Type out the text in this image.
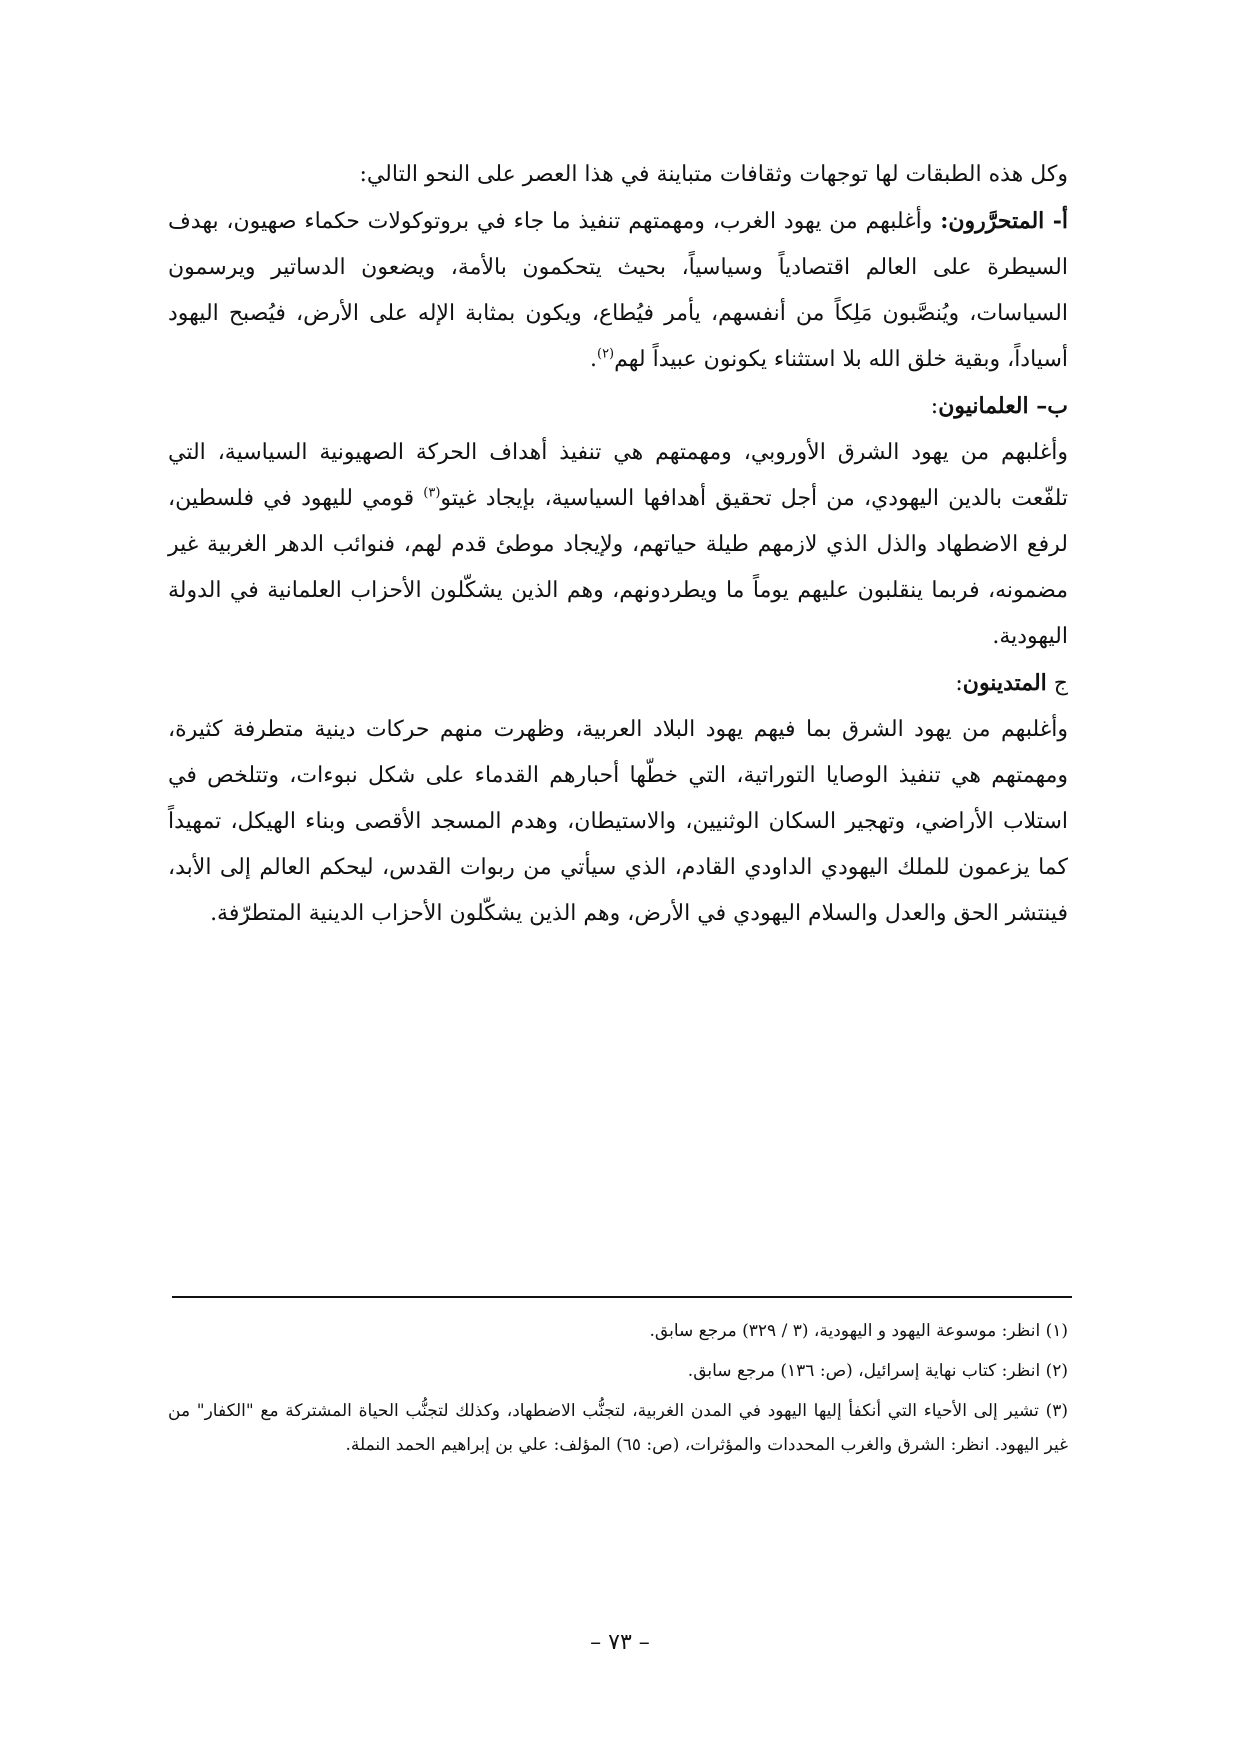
وكل هذه الطبقات لها توجهات وثقافات متباينة في هذا العصر على النحو التالي:

أ- المتحرَّرون: وأغلبهم من يهود الغرب، ومهمتهم تنفيذ ما جاء في بروتوكولات حكماء صهيون، بهدف السيطرة على العالم اقتصادياً وسياسياً، بحيث يتحكمون بالأمة، ويضعون الدساتير ويرسمون السياسات، ويُنصَّبون مَلِكاً من أنفسهم، يأمر فيُطاع، ويكون بمثابة الإله على الأرض، فيُصبح اليهود أسياداً، وبقية خلق الله بلا استثناء يكونون عبيداً لهم$^{(٢)}$.

ب– العلمانيون:

وأغلبهم من يهود الشرق الأوروبي، ومهمتهم هي تنفيذ أهداف الحركة الصهيونية السياسية، التي تلفّعت بالدين اليهودي، من أجل تحقيق أهدافها السياسية، بإيجاد غيتو$^{(٣)}$ قومي لليهود في فلسطين، لرفع الاضطهاد والذل الذي لازمهم طيلة حياتهم، ولإيجاد موطئ قدم لهم، فنوائب الدهر الغربية غير مضمونه، فربما ينقلبون عليهم يوماً ما ويطردونهم، وهم الذين يشكّلون الأحزاب العلمانية في الدولة اليهودية.

ج المتدينون:

وأغلبهم من يهود الشرق بما فيهم يهود البلاد العربية، وظهرت منهم حركات دينية متطرفة كثيرة، ومهمتهم هي تنفيذ الوصايا التوراتية، التي خطّها أحبارهم القدماء على شكل نبوءات، وتتلخص في استلاب الأراضي، وتهجير السكان الوثنيين، والاستيطان، وهدم المسجد الأقصى وبناء الهيكل، تمهيداً كما يزعمون للملك اليهودي الداودي القادم، الذي سيأتي من ربوات القدس، ليحكم العالم إلى الأبد، فينتشر الحق والعدل والسلام اليهودي في الأرض، وهم الذين يشكّلون الأحزاب الدينية المتطرّفة.

(١) انظر: موسوعة اليهود و اليهودية، (٣ / ٣٢٩) مرجع سابق.

(٢) انظر: كتاب نهاية إسرائيل، (ص: ١٣٦) مرجع سابق.

(٣) تشير إلى الأحياء التي أنكفأ إليها اليهود في المدن الغربية، لتجنُّب الاضطهاد، وكذلك لتجنُّب الحياة المشتركة مع "الكفار" من غير اليهود. انظر: الشرق والغرب المحددات والمؤثرات، (ص: ٦٥) المؤلف: علي بن إبراهيم الحمد النملة.

– ٧٣ –
